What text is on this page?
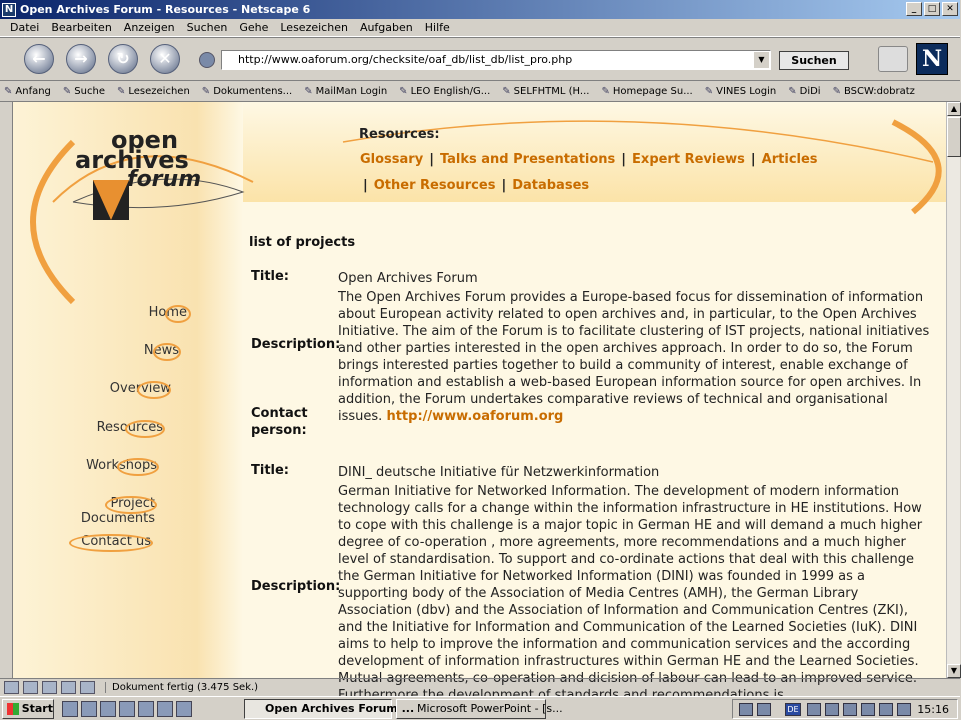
N Open Archives Forum - Resources - Netscape 6	_	□	✕
Datei	Bearbeiten	Anzeigen	Suchen	Gehe	Lesezeichen	Aufgaben	Hilfe
←	→	↻	✕	http://www.oaforum.org/checksite/oaf_db/list_db/list_pro.php	▼	Suchen	N
✎ Anfang	✎ Suche	✎ Lesezeichen	✎ Dokumentens...	✎ MailMan Login	✎ LEO English/G...	✎ SELFHTML (H...	✎ Homepage Su...	✎ VINES Login	✎ DiDi	✎ BSCW:dobratz
open
archives
forum
Home
News
Overview
Resources
Workshops
Project Documents
Contact us
Resources:
Glossary | Talks and Presentations | Expert Reviews | Articles
| Other Resources | Databases
list of projects
Title:	Open Archives Forum
Description:
The Open Archives Forum provides a Europe-based focus for dissemination of information about European activity related to open archives and, in particular, to the Open Archives Initiative. The aim of the Forum is to facilitate clustering of IST projects, national initiatives and other parties interested in the open archives approach. In order to do so, the Forum brings interested parties together to build a community of interest, enable exchange of information and establish a web-based European information source for open archives. In addition, the Forum undertakes comparative reviews of technical and organisational issues. http://www.oaforum.org
Contact person:
Title:	DINI_ deutsche Initiative für Netzwerkinformation
Description:
German Initiative for Networked Information. The development of modern information technology calls for a change within the information infrastructure in HE institutions. How to cope with this challenge is a major topic in German HE and will demand a much higher degree of co-operation , more agreements, more recommendations and a much higher level of standardisation. To support and co-ordinate actions that deal with this challenge the German Initiative for Networked Information (DINI) was founded in 1999 as a supporting body of the Association of Media Centres (AMH), the German Library Association (dbv) and the Association of Information and Communication Centres (ZKI), and the Initiative for Information and Communication of the Learned Societies (IuK). DINI aims to help to improve the information and communication services and the according development of information infrastructures within German HE and the Learned Societies. Mutual agreements, co-operation and dicision of labour can lead to an improved service.
▲
▼
Dokument fertig (3.475 Sek.)
Start	Open Archives Forum ... Microsoft PowerPoint - [s...	DE	15:16
